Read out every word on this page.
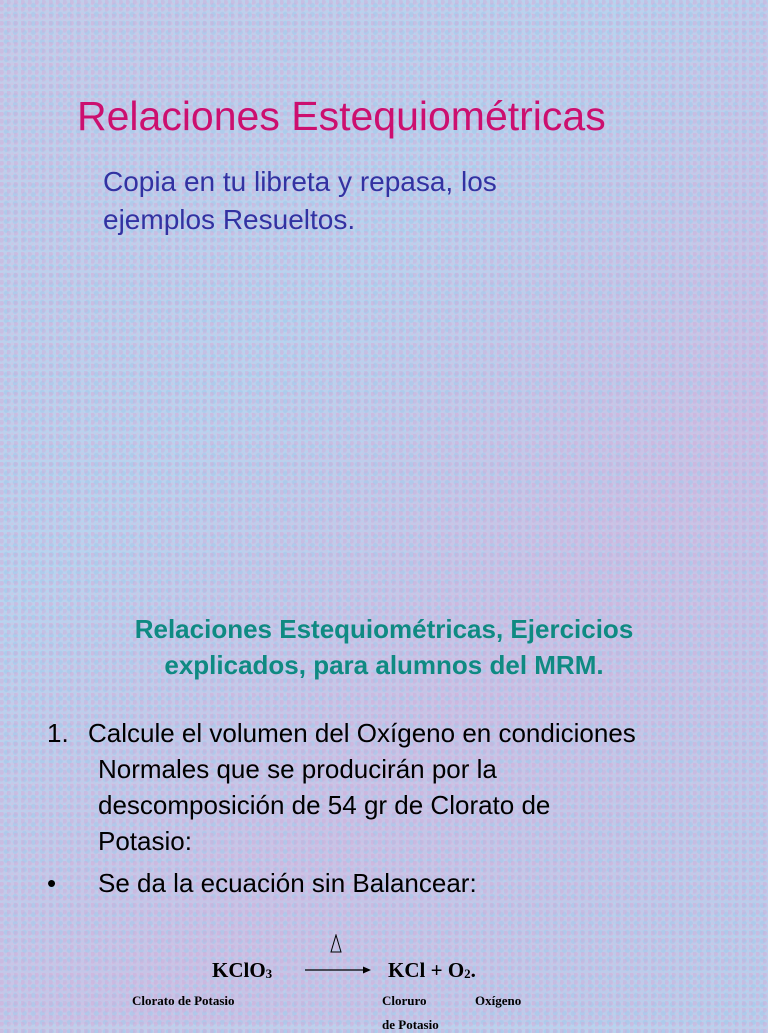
Relaciones Estequiométricas
Copia en tu libreta y repasa, los
ejemplos Resueltos.
Relaciones Estequiométricas, Ejercicios
explicados, para alumnos del MRM.
1. Calcule el volumen del Oxígeno en condiciones
Normales que se producirán por la
descomposición de 54 gr de Clorato de
Potasio:
• Se da la ecuación sin Balancear:
KClO$_3$	KCl + $O_2$.
Clorato de Potasio	Cloruro	Oxígeno
de Potasio
